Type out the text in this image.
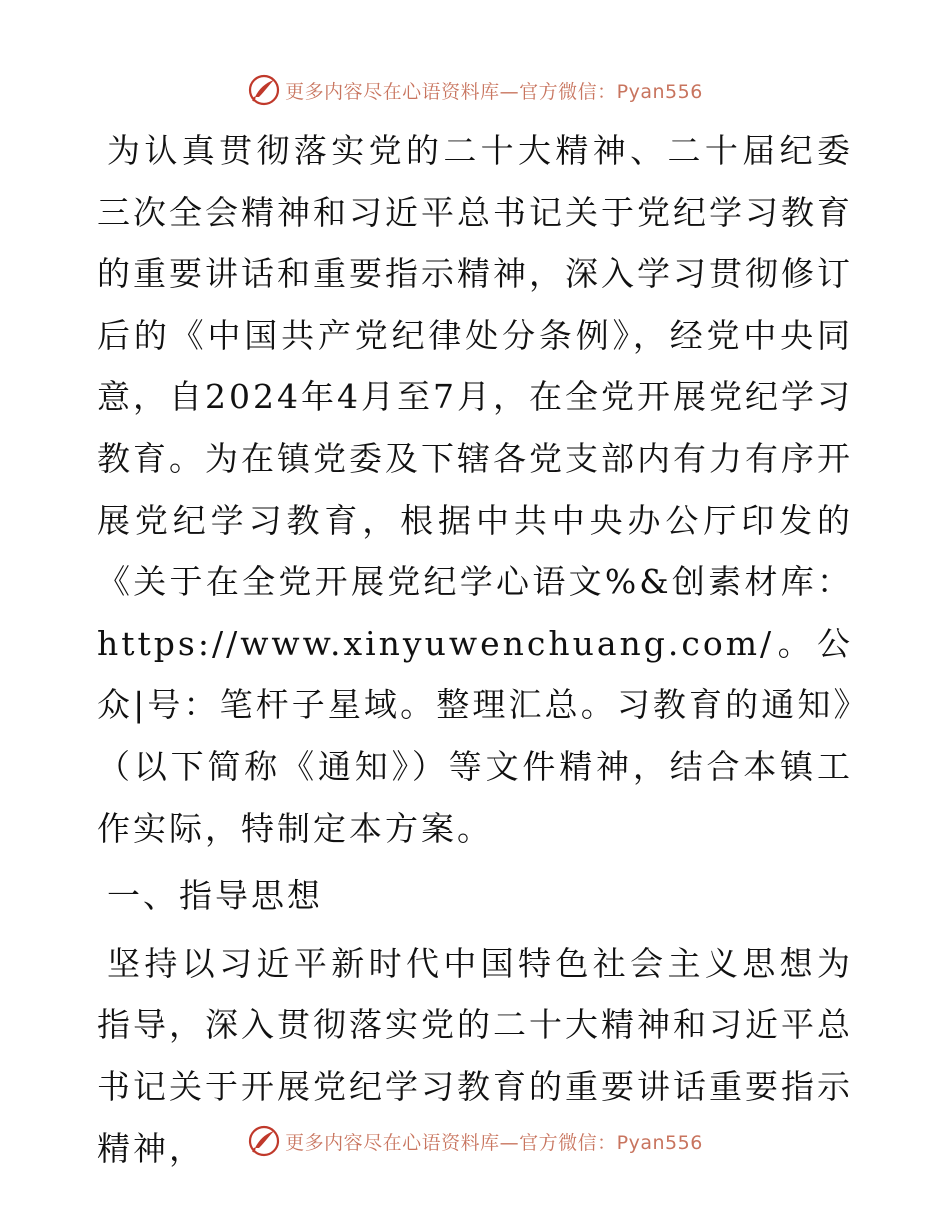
更多内容尽在心语资料库—官方微信：Pyan556

为认真贯彻落实党的二十大精神、二十届纪委三次全会精神和习近平总书记关于党纪学习教育的重要讲话和重要指示精神，深入学习贯彻修订后的《中国共产党纪律处分条例》，经党中央同意，自2024年4月至7月，在全党开展党纪学习教育。为在镇党委及下辖各党支部内有力有序开展党纪学习教育，根据中共中央办公厅印发的《关于在全党开展党纪学心语文%&创素材库：https://www.xinyuwenchuang.com/。公众|号：笔杆子星域。整理汇总。习教育的通知》（以下简称《通知》）等文件精神，结合本镇工作实际，特制定本方案。

一、指导思想

坚持以习近平新时代中国特色社会主义思想为指导，深入贯彻落实党的二十大精神和习近平总书记关于开展党纪学习教育的重要讲话重要指示精神，	更多内容尽在心语资料库—官方微信：Pyan556
